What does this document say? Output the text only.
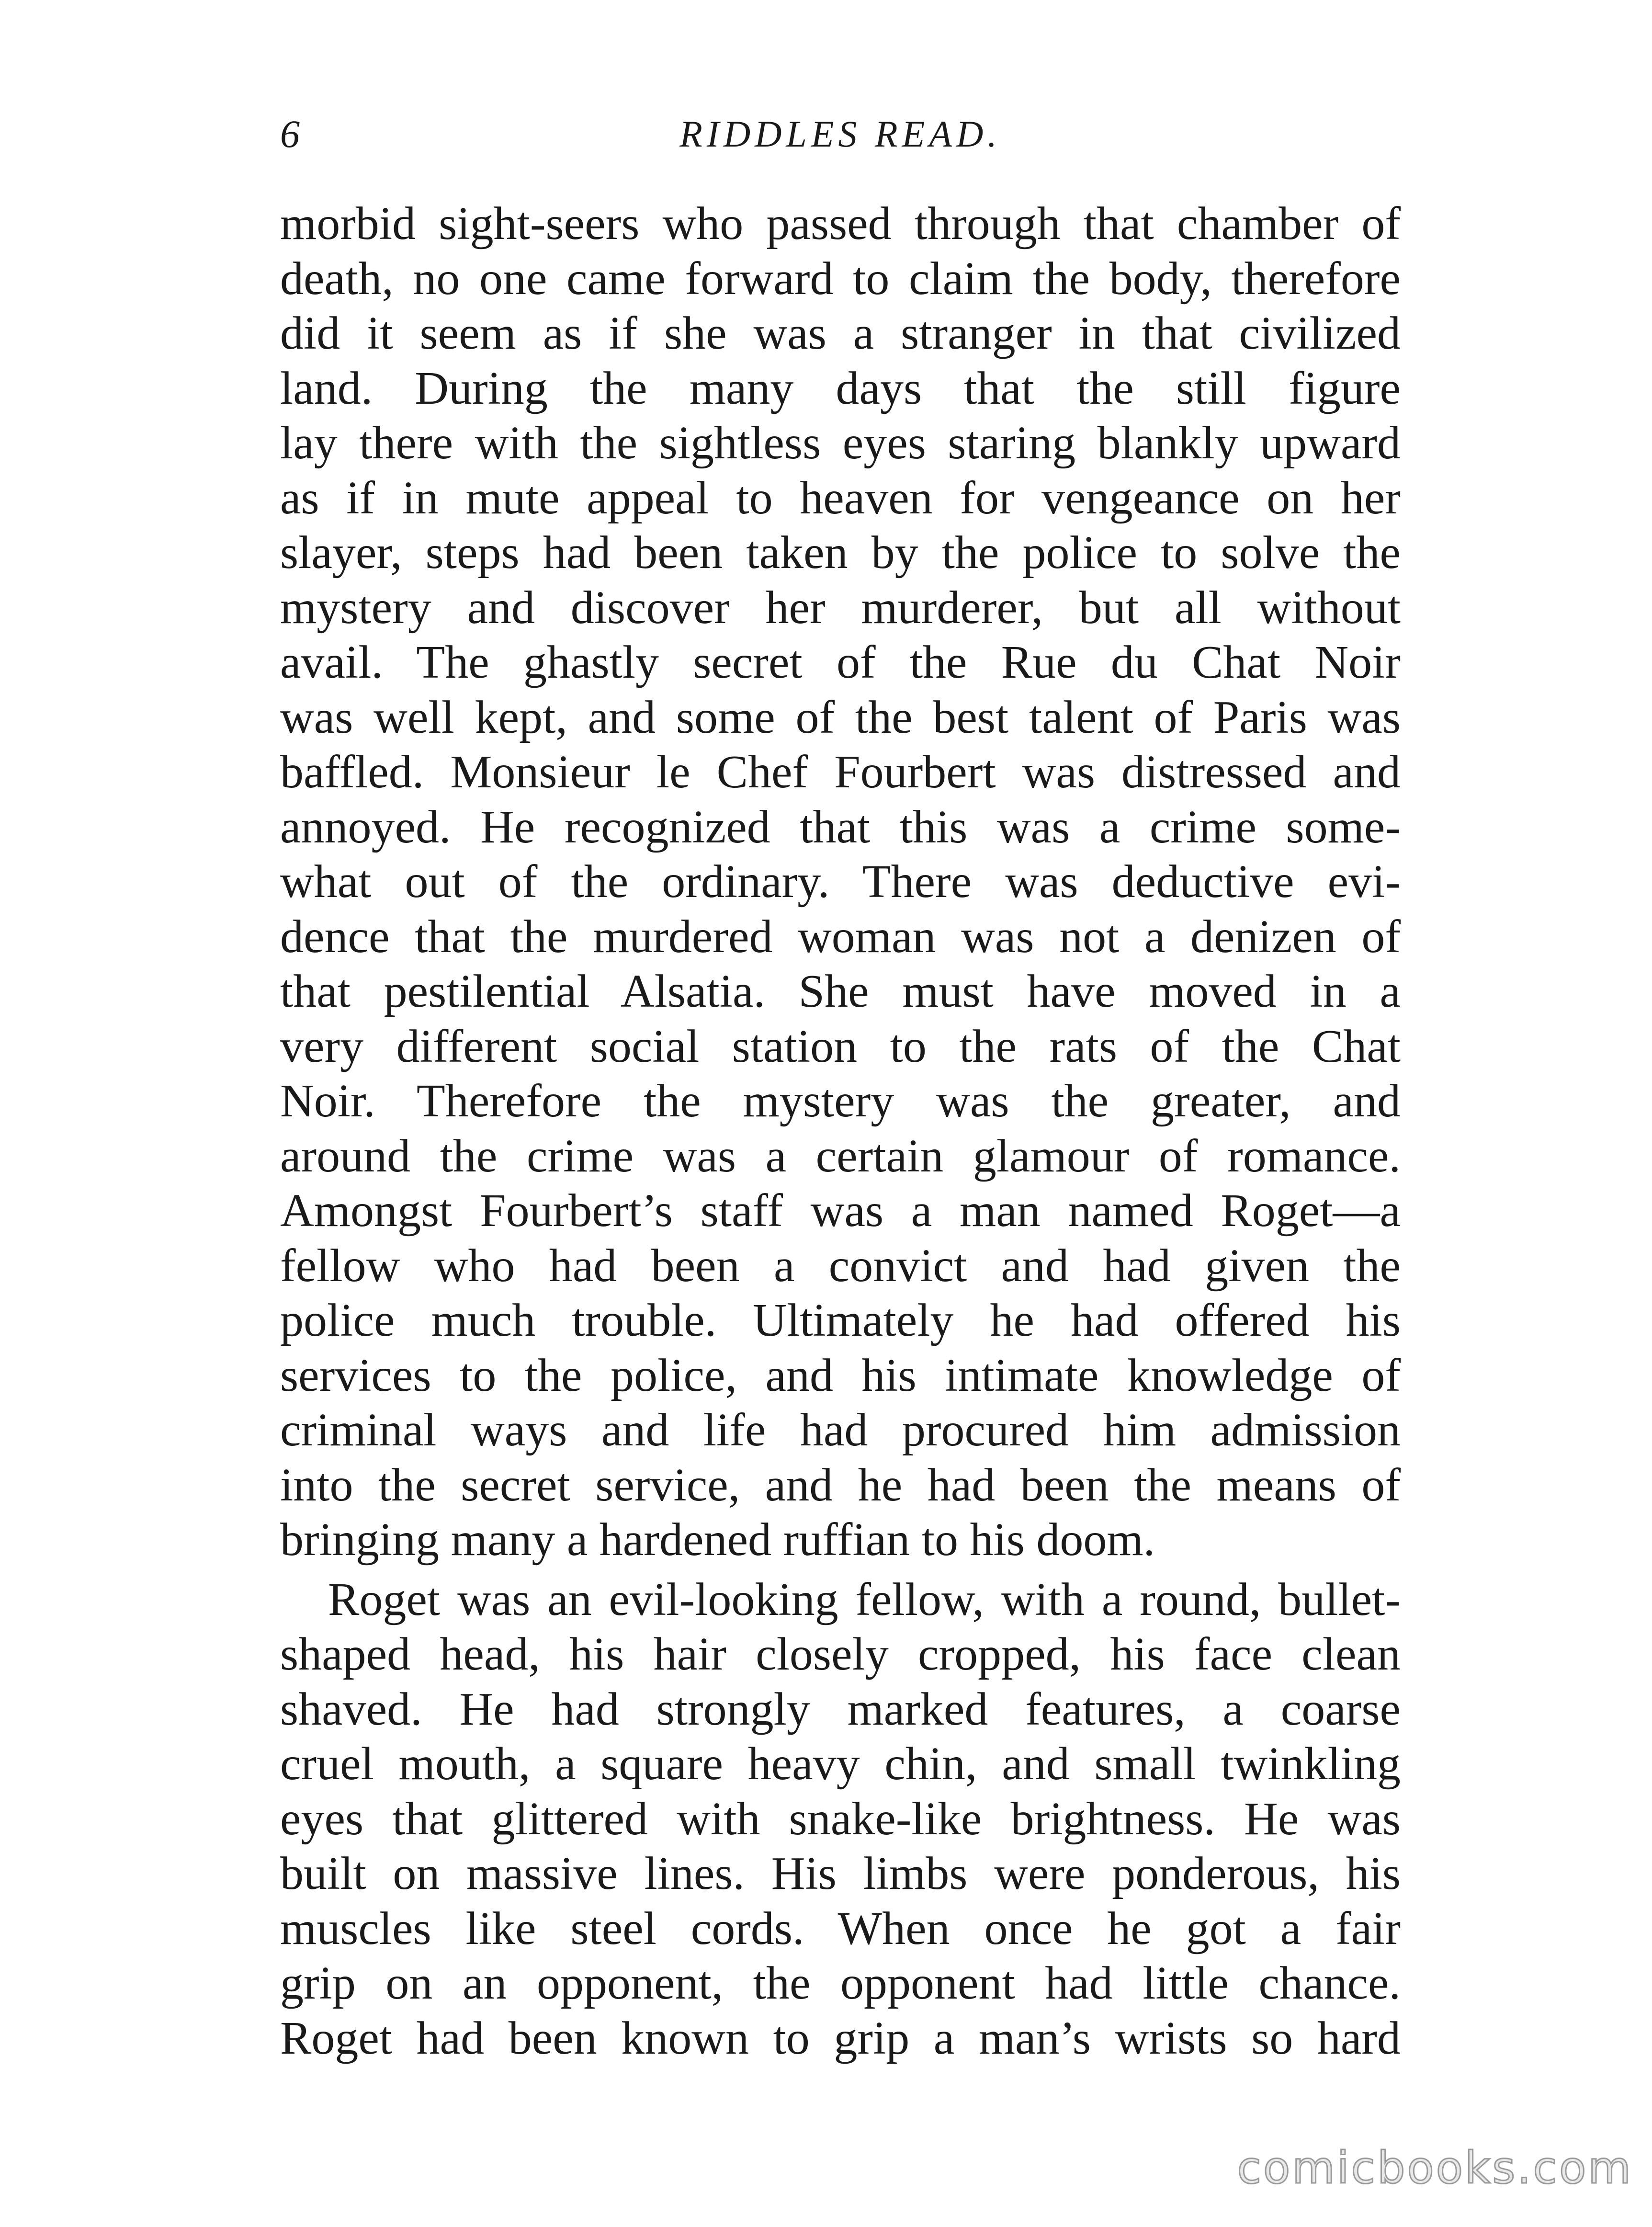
6	RIDDLES READ.
morbid sight-seers who passed through that chamber of
death, no one came forward to claim the body, therefore
did it seem as if she was a stranger in that civilized
land. During the many days that the still figure
lay there with the sightless eyes staring blankly upward
as if in mute appeal to heaven for vengeance on her
slayer, steps had been taken by the police to solve the
mystery and discover her murderer, but all without
avail. The ghastly secret of the Rue du Chat Noir
was well kept, and some of the best talent of Paris was
baffled. Monsieur le Chef Fourbert was distressed and
annoyed. He recognized that this was a crime some-
what out of the ordinary. There was deductive evi-
dence that the murdered woman was not a denizen of
that pestilential Alsatia. She must have moved in a
very different social station to the rats of the Chat
Noir. Therefore the mystery was the greater, and
around the crime was a certain glamour of romance.
Amongst Fourbert’s staff was a man named Roget—a
fellow who had been a convict and had given the
police much trouble. Ultimately he had offered his
services to the police, and his intimate knowledge of
criminal ways and life had procured him admission
into the secret service, and he had been the means of
bringing many a hardened ruffian to his doom.
Roget was an evil-looking fellow, with a round, bullet-
shaped head, his hair closely cropped, his face clean
shaved. He had strongly marked features, a coarse
cruel mouth, a square heavy chin, and small twinkling
eyes that glittered with snake-like brightness. He was
built on massive lines. His limbs were ponderous, his
muscles like steel cords. When once he got a fair
grip on an opponent, the opponent had little chance.
Roget had been known to grip a man’s wrists so hard
comicbooks.com
